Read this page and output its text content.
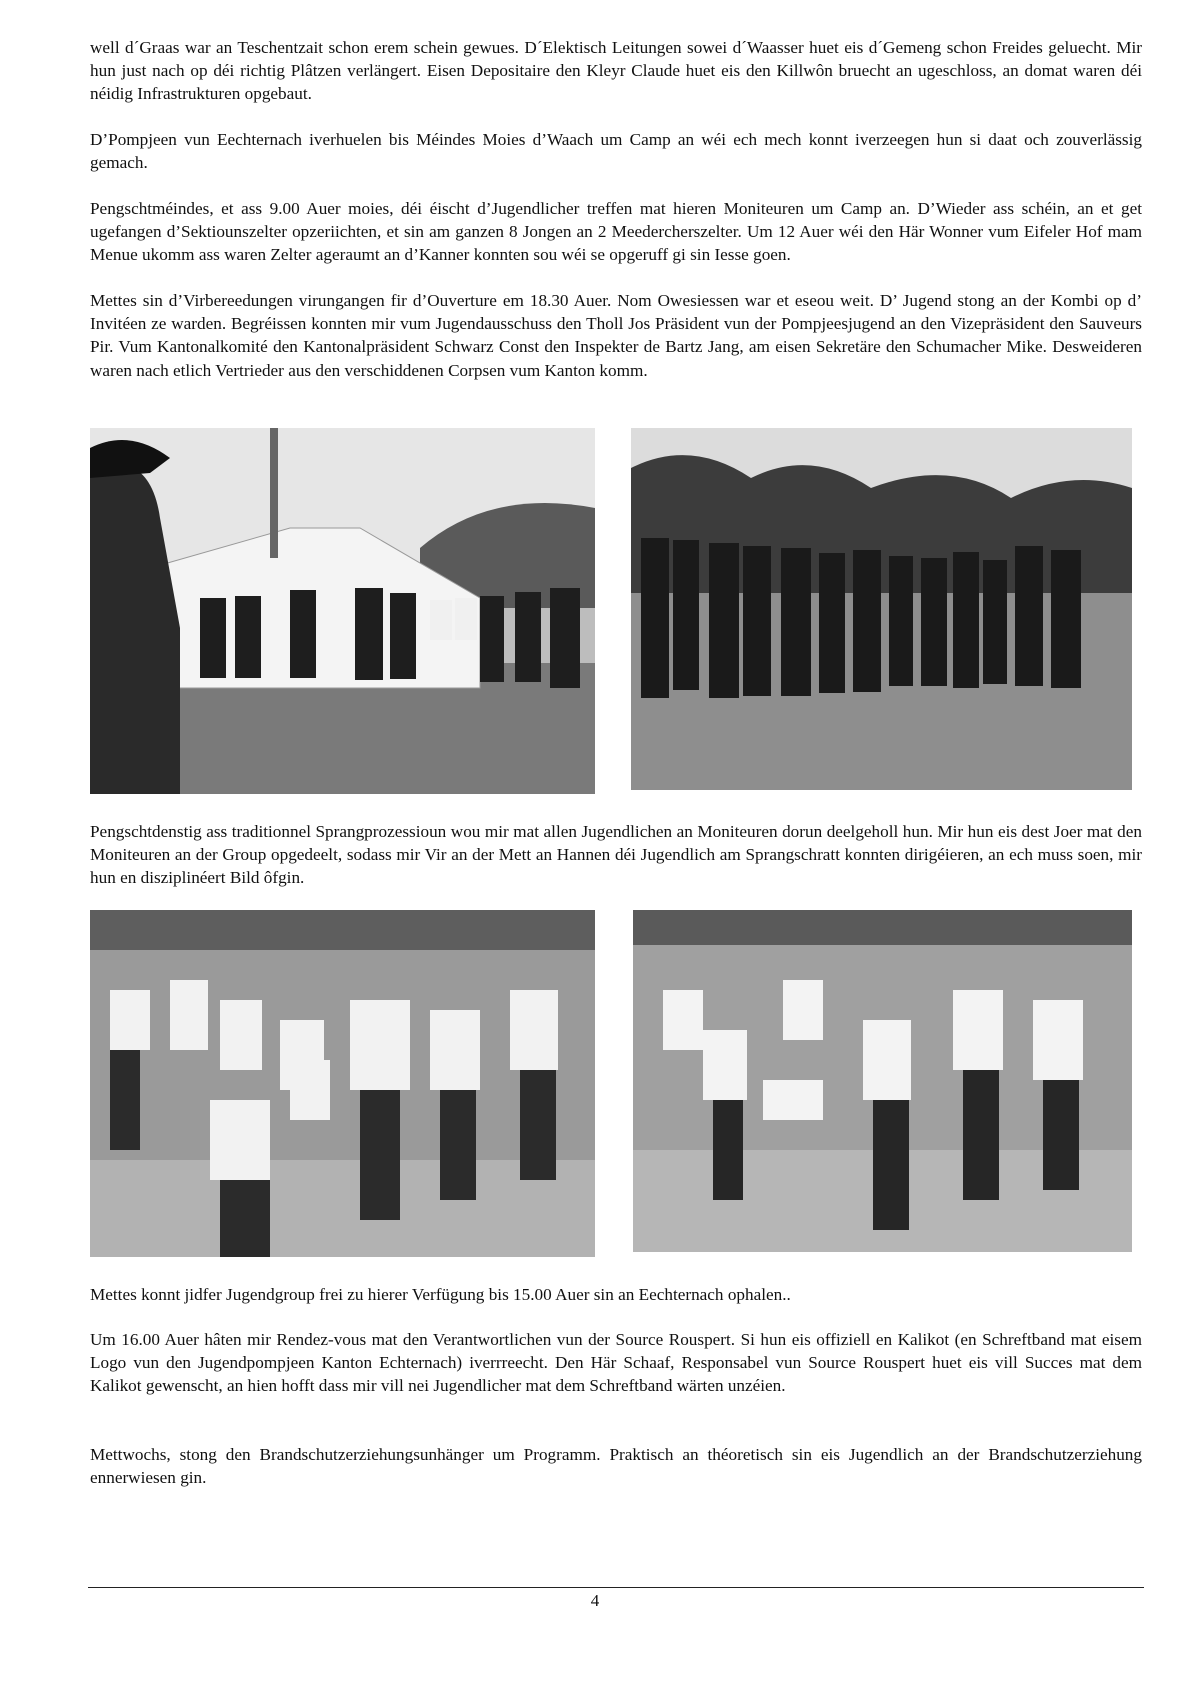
well d´Graas war an Teschentzait schon erem schein gewues. D´Elektisch Leitungen sowei d´Waasser huet eis d´Gemeng schon Freides geluecht. Mir hun just nach op déi richtig Plâtzen verlängert. Eisen Depositaire den Kleyr Claude huet eis den Killwôn bruecht an ugeschloss, an domat waren déi néidig Infrastrukturen opgebaut.

D’Pompjeen vun Eechternach iverhuelen bis Méindes Moies d’Waach um Camp an wéi ech mech konnt iverzeegen hun si daat och zouverlässig gemach.

Pengschtméindes, et ass 9.00 Auer moies, déi éischt d’Jugendlicher treffen mat hieren Moniteuren um Camp an. D’Wieder ass schéin, an et get ugefangen d’Sektiounszelter opzeriichten, et sin am ganzen 8 Jongen an 2 Meedercherszelter. Um 12 Auer wéi den Här Wonner vum Eifeler Hof mam Menue ukomm ass waren Zelter ageraumt an d’Kanner konnten sou wéi se opgeruff gi sin Iesse goen.

Mettes sin d’Virbereedungen virungangen fir d’Ouverture em 18.30 Auer. Nom Owesiessen war et eseou weit. D’ Jugend stong an der Kombi op d’ Invitéen ze warden. Begréissen konnten mir vum Jugendausschuss den Tholl Jos Präsident vun der Pompjeesjugend an den Vizepräsident den Sauveurs Pir. Vum Kantonalkomité den Kantonalpräsident Schwarz Const den Inspekter de Bartz Jang, am eisen Sekretäre den Schumacher Mike. Desweideren waren nach etlich Vertrieder aus den verschiddenen Corpsen vum Kanton komm.

Pengschtdenstig ass traditionnel Sprangprozessioun wou mir mat allen Jugendlichen an Moniteuren dorun deelgeholl hun. Mir hun eis dest Joer mat den Moniteuren an der Group opgedeelt, sodass mir Vir an der Mett an Hannen déi Jugendlich am Sprangschratt konnten dirigéieren, an ech muss soen, mir hun en disziplinéert Bild ôfgin.

Mettes konnt jidfer Jugendgroup frei zu hierer Verfügung bis 15.00 Auer sin an Eechternach ophalen..

Um 16.00 Auer hâten mir Rendez-vous mat den Verantwortlichen vun der Source Rouspert. Si hun eis offiziell en Kalikot (en Schreftband mat eisem Logo vun den Jugendpompjeen Kanton Echternach) iverrreecht. Den Här Schaaf, Responsabel vun Source Rouspert huet eis vill Succes mat dem Kalikot gewenscht, an hien hofft dass mir vill nei Jugendlicher mat dem Schreftband wärten unzéien.

Mettwochs, stong den Brandschutzerziehungsunhänger um Programm. Praktisch an théoretisch sin eis Jugendlich an der Brandschutzerziehung ennerwiesen gin.

4
